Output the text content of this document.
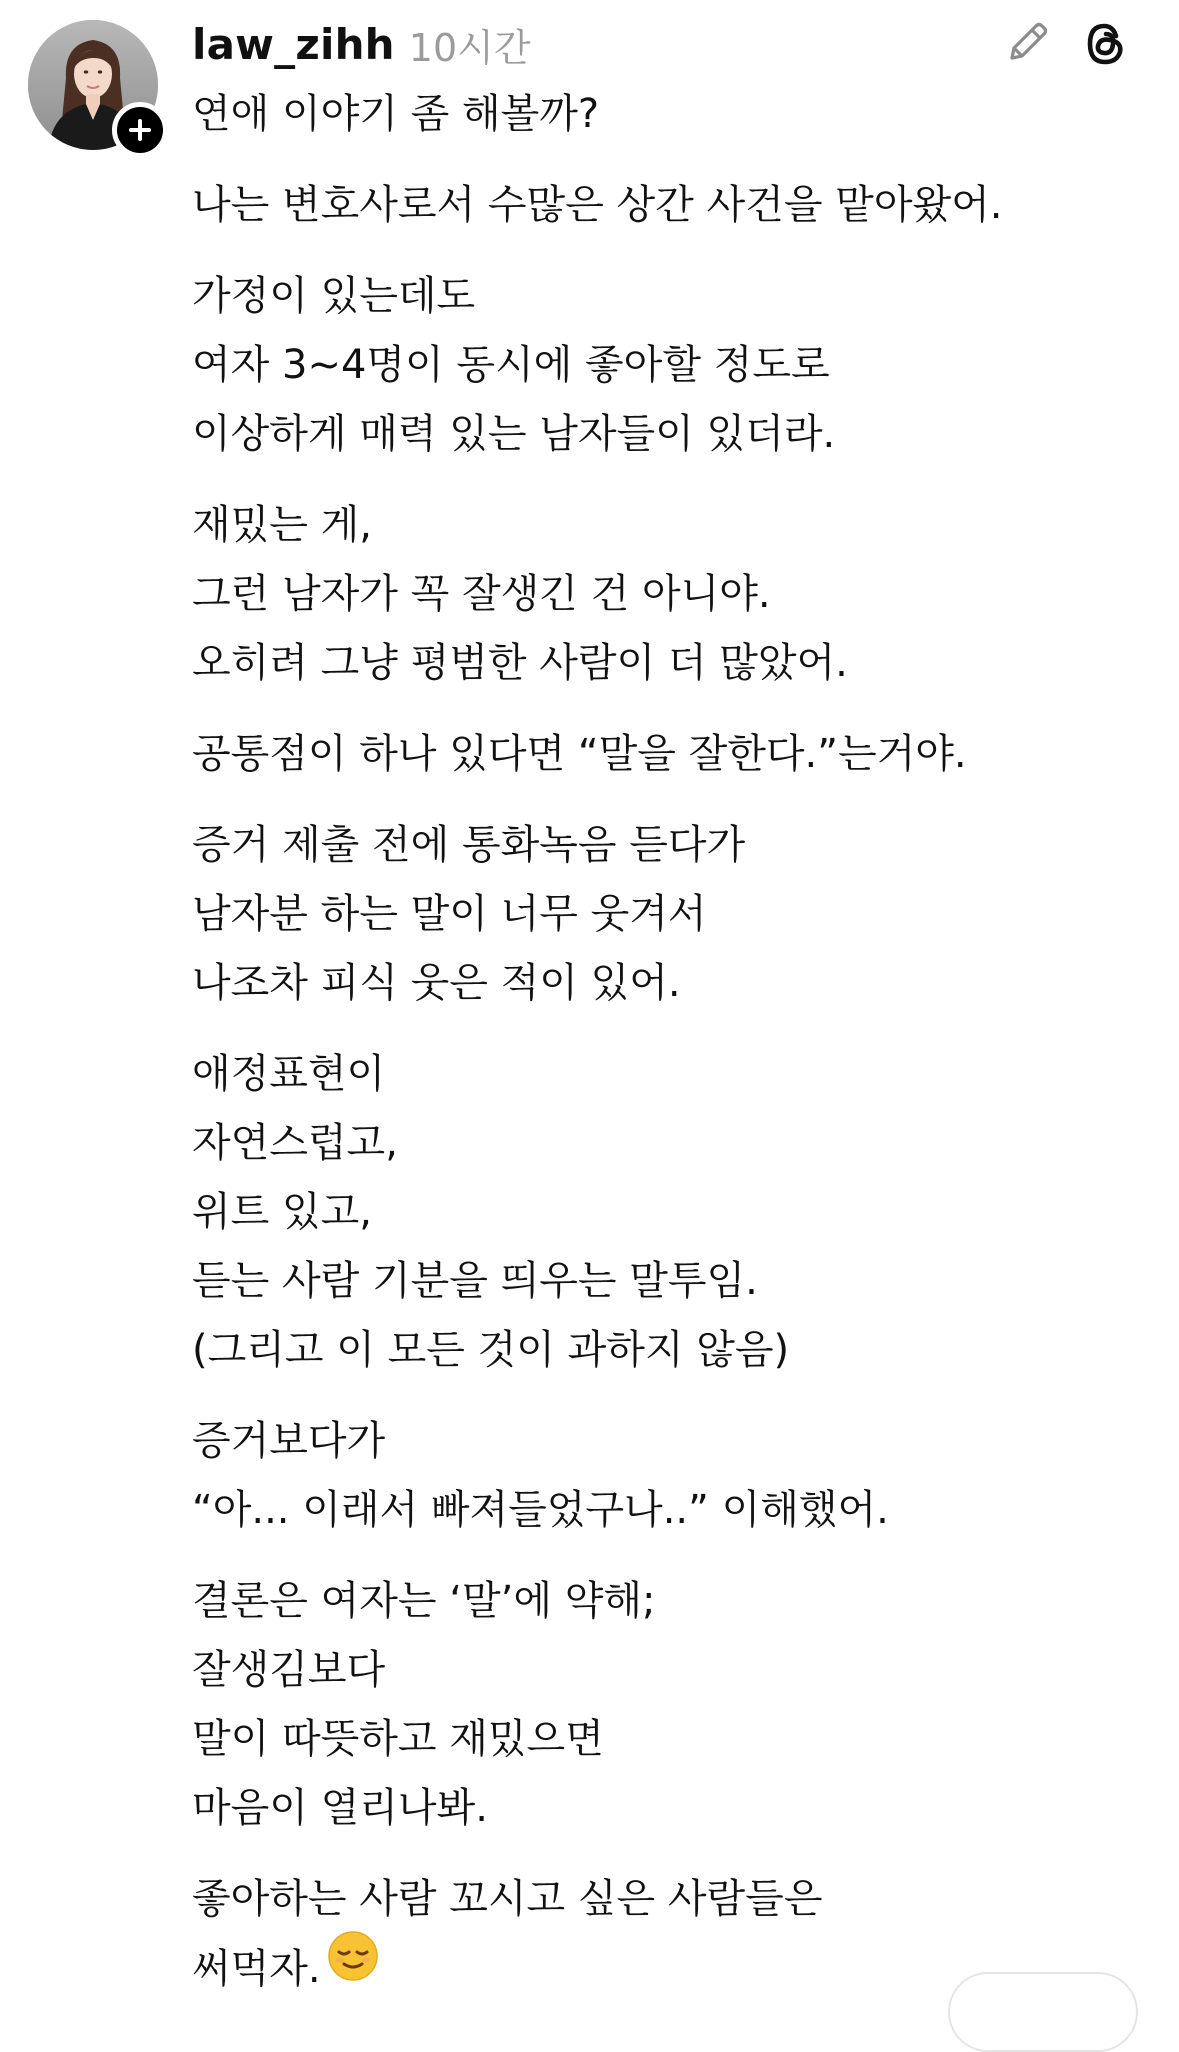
law_zihh 10시간
연애 이야기 좀 해볼까?
나는 변호사로서 수많은 상간 사건을 맡아왔어.
가정이 있는데도
여자 3~4명이 동시에 좋아할 정도로
이상하게 매력 있는 남자들이 있더라.
재밌는 게,
그런 남자가 꼭 잘생긴 건 아니야.
오히려 그냥 평범한 사람이 더 많았어.
공통점이 하나 있다면 “말을 잘한다.”는거야.
증거 제출 전에 통화녹음 듣다가
남자분 하는 말이 너무 웃겨서
나조차 피식 웃은 적이 있어.
애정표현이
자연스럽고,
위트 있고,
듣는 사람 기분을 띄우는 말투임.
(그리고 이 모든 것이 과하지 않음)
증거보다가
“아... 이래서 빠져들었구나..” 이해했어.
결론은 여자는 ‘말’에 약해;
잘생김보다
말이 따뜻하고 재밌으면
마음이 열리나봐.
좋아하는 사람 꼬시고 싶은 사람들은
써먹자.
